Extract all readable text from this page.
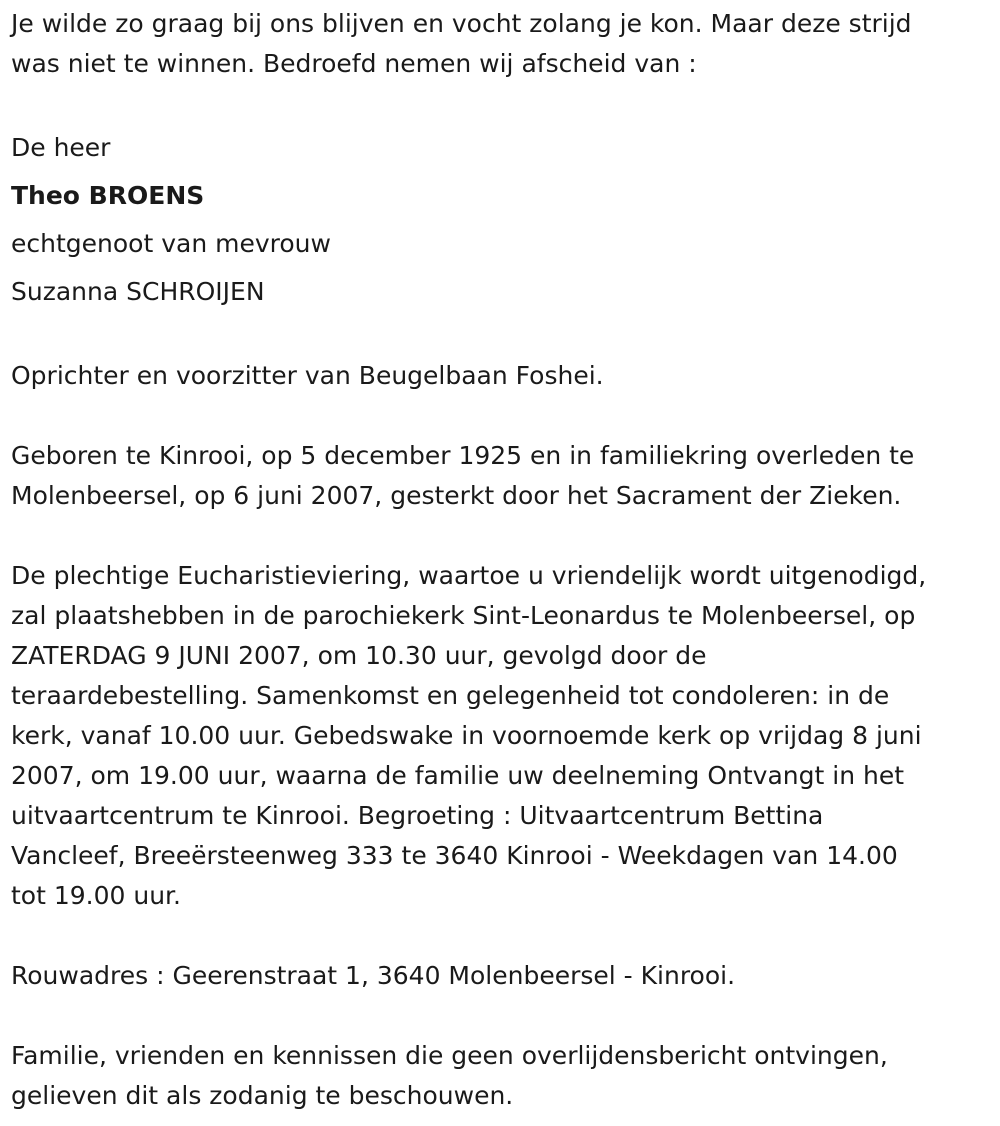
Je wilde zo graag bij ons blijven en vocht zolang je kon. Maar deze strijd
was niet te winnen. Bedroefd nemen wij afscheid van :

De heer
Theo BROENS
echtgenoot van mevrouw
Suzanna SCHROIJEN

Oprichter en voorzitter van Beugelbaan Foshei.

Geboren te Kinrooi, op 5 december 1925 en in familiekring overleden te
Molenbeersel, op 6 juni 2007, gesterkt door het Sacrament der Zieken.

De plechtige Eucharistieviering, waartoe u vriendelijk wordt uitgenodigd,
zal plaatshebben in de parochiekerk Sint-Leonardus te Molenbeersel, op
ZATERDAG 9 JUNI 2007, om 10.30 uur, gevolgd door de
teraardebestelling. Samenkomst en gelegenheid tot condoleren: in de
kerk, vanaf 10.00 uur. Gebedswake in voornoemde kerk op vrijdag 8 juni
2007, om 19.00 uur, waarna de familie uw deelneming Ontvangt in het
uitvaartcentrum te Kinrooi. Begroeting : Uitvaartcentrum Bettina
Vancleef, Breeërsteenweg 333 te 3640 Kinrooi - Weekdagen van 14.00
tot 19.00 uur.

Rouwadres : Geerenstraat 1, 3640 Molenbeersel - Kinrooi.

Familie, vrienden en kennissen die geen overlijdensbericht ontvingen,
gelieven dit als zodanig te beschouwen.
